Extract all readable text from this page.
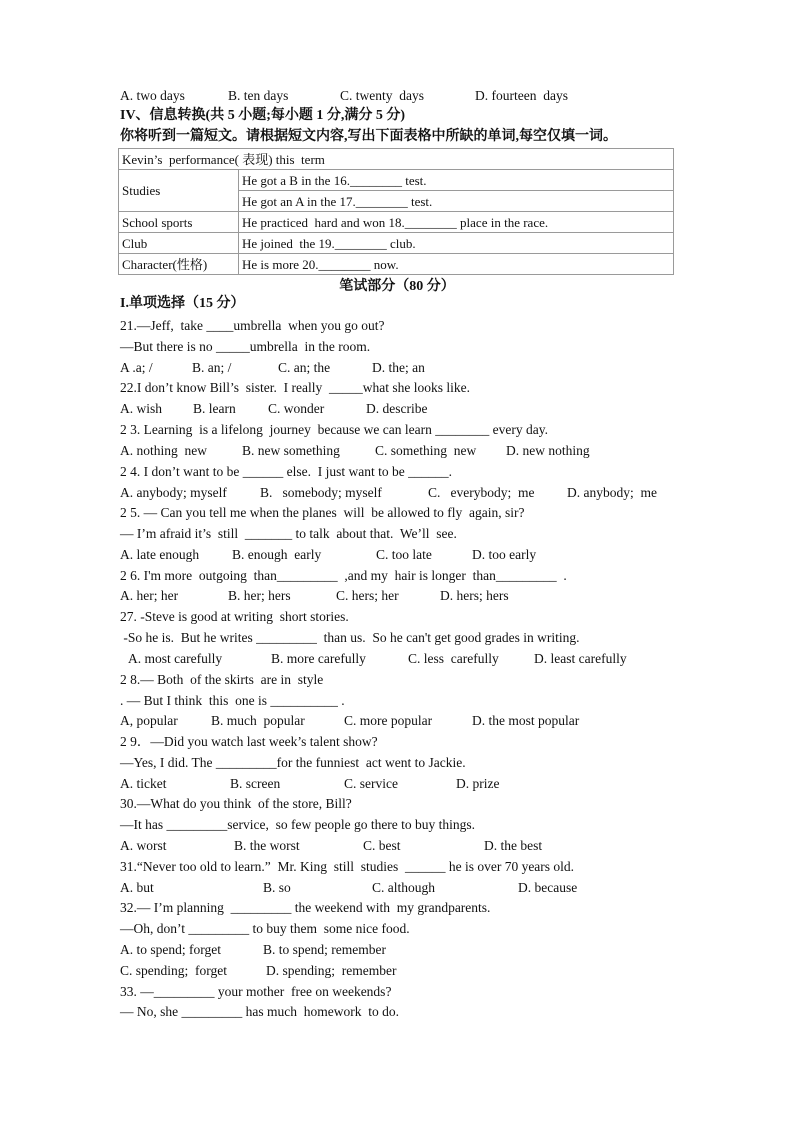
A. two days	B. ten days	C. twenty  days	D. fourteen  days
IV、信息转换(共 5 小题;每小题 1 分,满分 5 分)
你将听到一篇短文。请根据短文内容,写出下面表格中所缺的单词,每空仅填一词。
Kevin’s  performance( 表现) this  term	
Studies	He got a B in the 16.________ test.
	He got an A in the 17.________ test.
School sports	He practiced  hard and won 18.________ place in the race.
Club	He joined  the 19.________ club.
Character(性格)	He is more 20.________ now.
笔试部分（80 分）
I.单项选择（15 分）
21.—Jeff,  take ____umbrella  when you go out?
—But there is no _____umbrella  in the room.
A .a; /	B. an; /	C. an; the	D. the; an
22.I don’t know Bill’s  sister.  I really  _____what she looks like.
A. wish B. learn C. wonder	D. describe
2 3. Learning  is a lifelong  journey  because we can learn ________ every day.
A. nothing  new	B. new something	C. something  new D. new nothing
2 4. I don’t want to be ______ else.  I just want to be ______.
A. anybody; myself B.   somebody; myself	C.   everybody;  me D. anybody;  me
2 5. — Can you tell me when the planes  will  be allowed to fly  again, sir?
— I’m afraid it’s  still  _______ to talk  about that.  We’ll  see.
A. late enough B. enough  early	C. too late	D. too early
2 6. I'm more  outgoing  than_________  ,and my  hair is longer  than_________  .
A. her; her	B. her; hers	C. hers; her	D. hers; hers
27. -Steve is good at writing  short stories.
-So he is.  But he writes _________  than us.  So he can't get good grades in writing.
A. most carefully	B. more carefully	C. less  carefully	D. least carefully
2 8.— Both  of the skirts  are in  style
. — But I think  this  one is __________ .
A, popular B. much  popular	C. more popular	D. the most popular
2 9．—Did you watch last week’s talent show?
—Yes, I did. The _________for the funniest  act went to Jackie.
A. ticket	B. screen	C. service	D. prize
30.—What do you think  of the store, Bill?
—It has _________service,  so few people go there to buy things.
A. worst	B. the worst	C. best	D. the best
31.“Never too old to learn.”  Mr. King  still  studies  ______ he is over 70 years old.
A. but	B. so	C. although	D. because
32.— I’m planning  _________ the weekend with  my grandparents.
—Oh, don’t _________ to buy them  some nice food.
A. to spend; forget	B. to spend; remember
C. spending;  forget	D. spending;  remember
33. —_________ your mother  free on weekends?
— No, she _________ has much  homework  to do.
